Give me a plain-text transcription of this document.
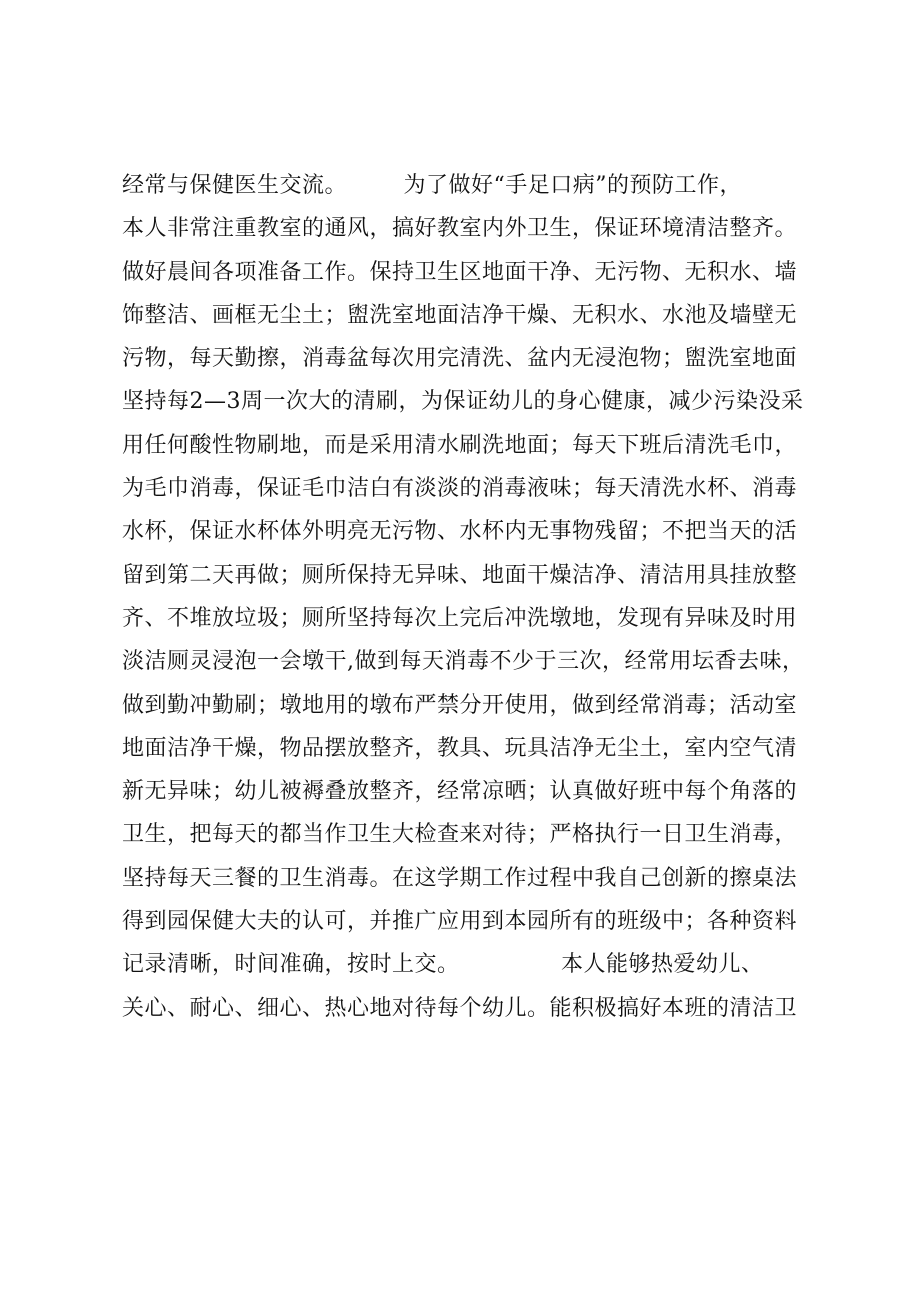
经常与保健医生交流。　　　为了做好“手足口病”的预防工作，
本人非常注重教室的通风，搞好教室内外卫生，保证环境清洁整齐。
做好晨间各项准备工作。保持卫生区地面干净、无污物、无积水、墙
饰整洁、画框无尘土；盥洗室地面洁净干燥、无积水、水池及墙壁无
污物，每天勤擦，消毒盆每次用完清洗、盆内无浸泡物；盥洗室地面
坚持每2—3周一次大的清刷，为保证幼儿的身心健康，减少污染没采
用任何酸性物刷地，而是采用清水刷洗地面；每天下班后清洗毛巾，
为毛巾消毒，保证毛巾洁白有淡淡的消毒液味；每天清洗水杯、消毒
水杯，保证水杯体外明亮无污物、水杯内无事物残留；不把当天的活
留到第二天再做；厕所保持无异味、地面干燥洁净、清洁用具挂放整
齐、不堆放垃圾；厕所坚持每次上完后冲洗墩地，发现有异味及时用
淡洁厕灵浸泡一会墩干,做到每天消毒不少于三次，经常用坛香去味，
做到勤冲勤刷；墩地用的墩布严禁分开使用，做到经常消毒；活动室
地面洁净干燥，物品摆放整齐，教具、玩具洁净无尘土，室内空气清
新无异味；幼儿被褥叠放整齐，经常凉晒；认真做好班中每个角落的
卫生，把每天的都当作卫生大检查来对待；严格执行一日卫生消毒，
坚持每天三餐的卫生消毒。在这学期工作过程中我自己创新的擦桌法
得到园保健大夫的认可，并推广应用到本园所有的班级中；各种资料
记录清晰，时间准确，按时上交。　　　　　本人能够热爱幼儿、
关心、耐心、细心、热心地对待每个幼儿。能积极搞好本班的清洁卫
